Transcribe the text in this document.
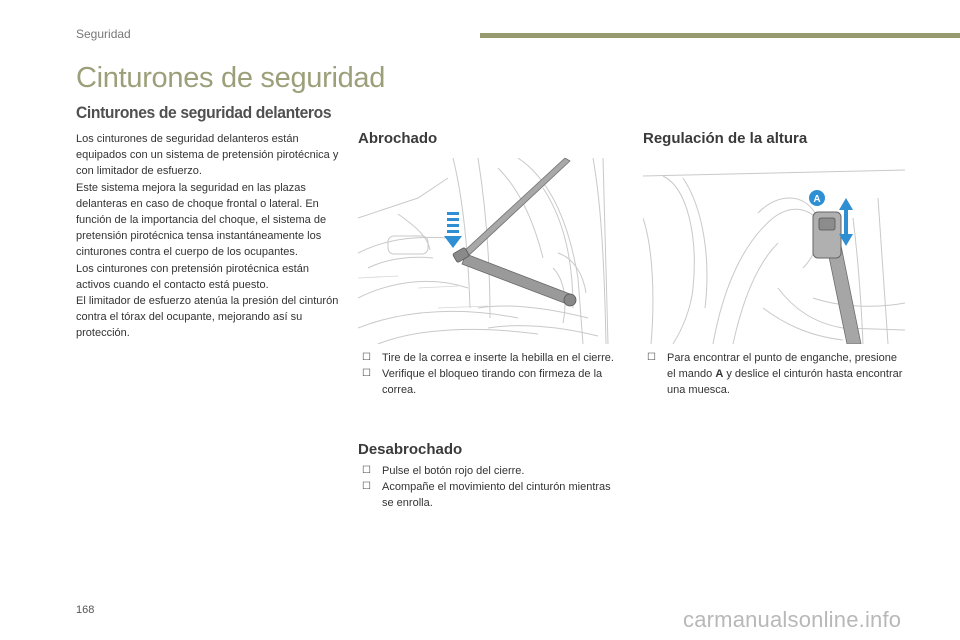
Seguridad
Cinturones de seguridad
Cinturones de seguridad delanteros

Los cinturones de seguridad delanteros están equipados con un sistema de pretensión pirotécnica y con limitador de esfuerzo.

Este sistema mejora la seguridad en las plazas delanteras en caso de choque frontal o lateral. En función de la importancia del choque, el sistema de pretensión pirotécnica tensa instantáneamente los cinturones contra el cuerpo de los ocupantes.

Los cinturones con pretensión pirotécnica están activos cuando el contacto está puesto.

El limitador de esfuerzo atenúa la presión del cinturón contra el tórax del ocupante, mejorando así su protección.

Abrochado
☐ Tire de la correa e inserte la hebilla en el cierre.
☐ Verifique el bloqueo tirando con firmeza de la correa.
Regulación de la altura
A
☐ Para encontrar el punto de enganche, presione el mando A y deslice el cinturón hasta encontrar una muesca.
Desabrochado
☐ Pulse el botón rojo del cierre.
☐ Acompañe el movimiento del cinturón mientras se enrolla.
168	carmanualsonline.info
